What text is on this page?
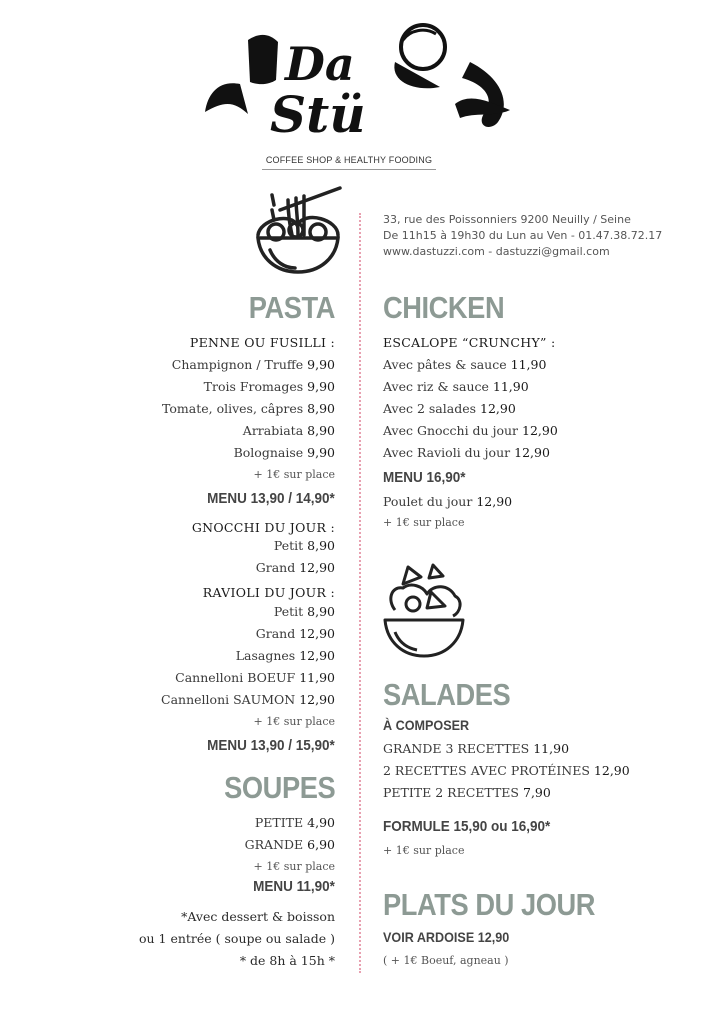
Da
Stü
COFFEE SHOP & HEALTHY FOODING
33, rue des Poissonniers 9200 Neuilly / Seine
De 11h15 à 19h30 du Lun au Ven - 01.47.38.72.17
www.dastuzzi.com - dastuzzi@gmail.com
PASTA
PENNE OU FUSILLI :
Champignon / Truffe 9,90
Trois Fromages 9,90
Tomate, olives, câpres 8,90
Arrabiata 8,90
Bolognaise 9,90
+ 1€ sur place
MENU 13,90 / 14,90*
GNOCCHI DU JOUR :
Petit 8,90
Grand 12,90
RAVIOLI DU JOUR :
Petit 8,90
Grand 12,90
Lasagnes 12,90
Cannelloni BOEUF 11,90
Cannelloni SAUMON 12,90
+ 1€ sur place
MENU 13,90 / 15,90*
SOUPES
PETITE 4,90
GRANDE 6,90
+ 1€ sur place
MENU 11,90*
*Avec dessert & boisson
ou 1 entrée ( soupe ou salade )
* de 8h à 15h *
CHICKEN
ESCALOPE “CRUNCHY” :
Avec pâtes & sauce 11,90
Avec riz & sauce 11,90
Avec 2 salades 12,90
Avec Gnocchi du jour 12,90
Avec Ravioli du jour 12,90
MENU 16,90*
Poulet du jour 12,90
+ 1€ sur place
SALADES
À COMPOSER
GRANDE 3 RECETTES 11,90
2 RECETTES AVEC PROTÉINES 12,90
PETITE 2 RECETTES 7,90
FORMULE 15,90 ou 16,90*
+ 1€ sur place
PLATS DU JOUR
VOIR ARDOISE 12,90
( + 1€ Boeuf, agneau )
